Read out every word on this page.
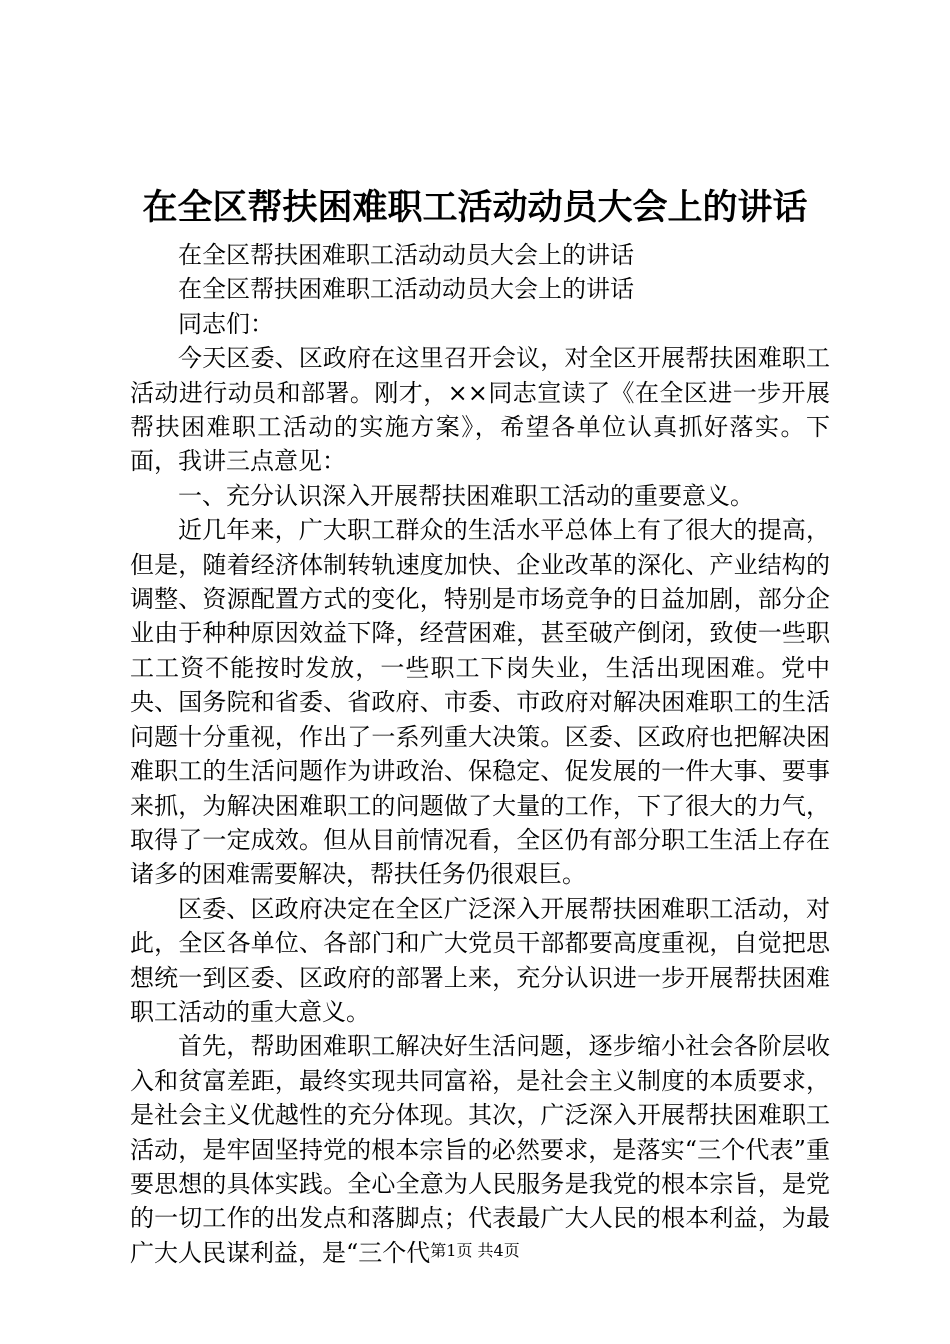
在全区帮扶困难职工活动动员大会上的讲话

在全区帮扶困难职工活动动员大会上的讲话

在全区帮扶困难职工活动动员大会上的讲话

同志们：

今天区委、区政府在这里召开会议，对全区开展帮扶困难职工活动进行动员和部署。刚才，××同志宣读了《在全区进一步开展帮扶困难职工活动的实施方案》，希望各单位认真抓好落实。下面，我讲三点意见：

一、充分认识深入开展帮扶困难职工活动的重要意义。

近几年来，广大职工群众的生活水平总体上有了很大的提高，但是，随着经济体制转轨速度加快、企业改革的深化、产业结构的调整、资源配置方式的变化，特别是市场竞争的日益加剧，部分企业由于种种原因效益下降，经营困难，甚至破产倒闭，致使一些职工工资不能按时发放，一些职工下岗失业，生活出现困难。党中央、国务院和省委、省政府、市委、市政府对解决困难职工的生活问题十分重视，作出了一系列重大决策。区委、区政府也把解决困难职工的生活问题作为讲政治、保稳定、促发展的一件大事、要事来抓，为解决困难职工的问题做了大量的工作，下了很大的力气，取得了一定成效。但从目前情况看，全区仍有部分职工生活上存在诸多的困难需要解决，帮扶任务仍很艰巨。

区委、区政府决定在全区广泛深入开展帮扶困难职工活动，对此，全区各单位、各部门和广大党员干部都要高度重视，自觉把思想统一到区委、区政府的部署上来，充分认识进一步开展帮扶困难职工活动的重大意义。

首先，帮助困难职工解决好生活问题，逐步缩小社会各阶层收入和贫富差距，最终实现共同富裕，是社会主义制度的本质要求，是社会主义优越性的充分体现。其次，广泛深入开展帮扶困难职工活动，是牢固坚持党的根本宗旨的必然要求，是落实“三个代表”重要思想的具体实践。全心全意为人民服务是我党的根本宗旨，是党的一切工作的出发点和落脚点；代表最广大人民的根本利益，为最广大人民谋利益，是“三个代 第1页 共4页
